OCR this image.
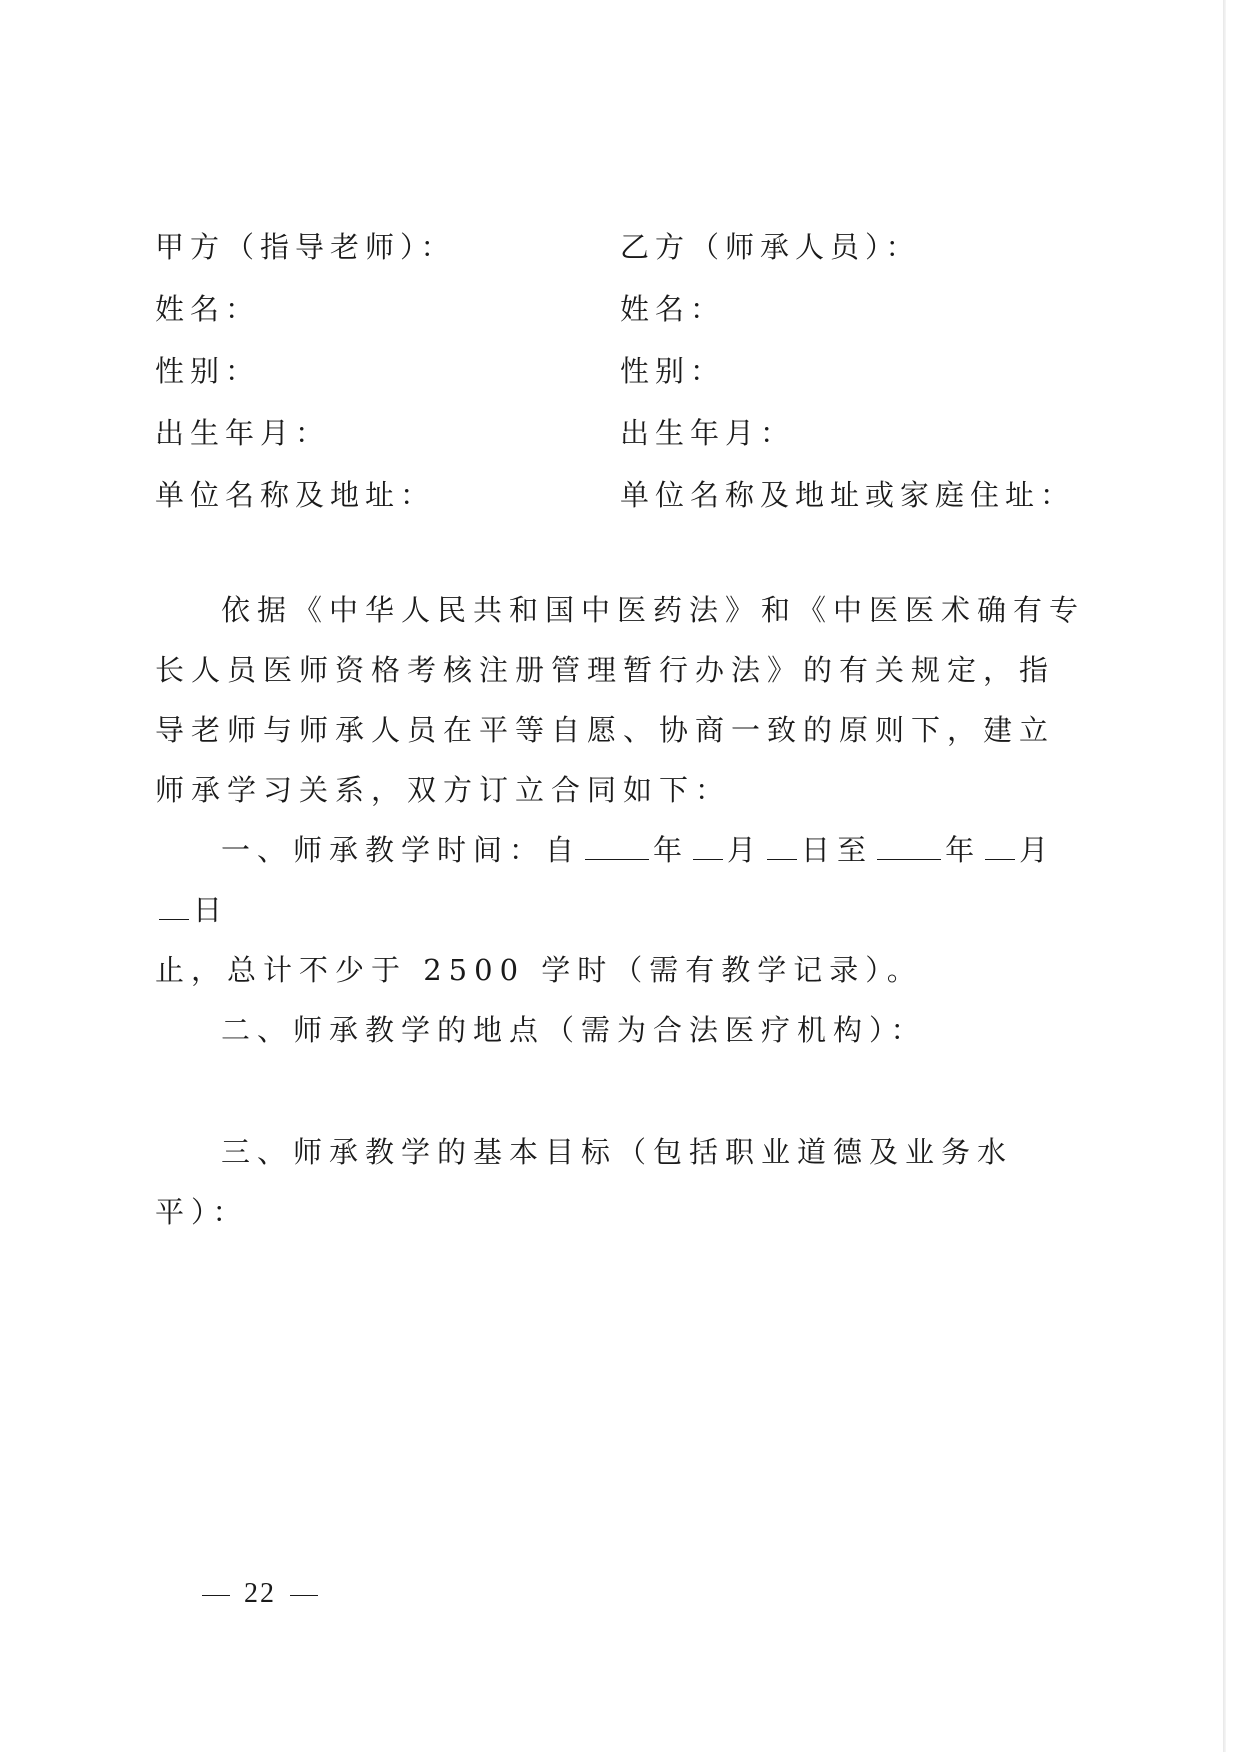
甲方（指导老师）：
姓名：
性别：
出生年月：
单位名称及地址：
乙方（师承人员）：
姓名：
性别：
出生年月：
单位名称及地址或家庭住址：

依据《中华人民共和国中医药法》和《中医医术确有专长人员医师资格考核注册管理暂行办法》的有关规定，指导老师与师承人员在平等自愿、协商一致的原则下，建立师承学习关系，双方订立合同如下：

一、师承教学时间：自 年 月 日至 年 月日

止，总计不少于 2500 学时（需有教学记录）。

二、师承教学的地点（需为合法医疗机构）：

三、师承教学的基本目标（包括职业道德及业务水平）：

22
